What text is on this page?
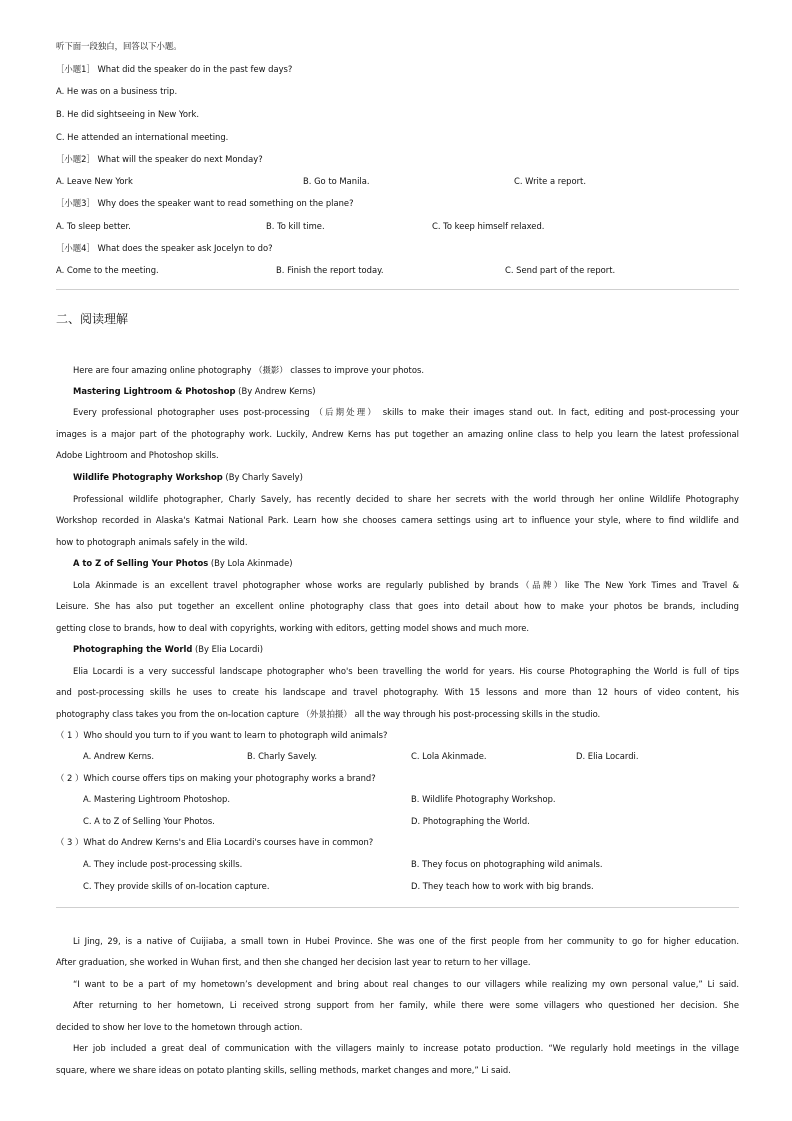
听下面一段独白，回答以下小题。
［小题1］ What did the speaker do in the past few days?
A. He was on a business trip.
B. He did sightseeing in New York.
C. He attended an international meeting.
［小题2］ What will the speaker do next Monday?
A. Leave New York	B. Go to Manila.	C. Write a report.
［小题3］ Why does the speaker want to read something on the plane?
A. To sleep better.	B. To kill time.	C. To keep himself relaxed.
［小题4］ What does the speaker ask Jocelyn to do?
A. Come to the meeting.	B. Finish the report today.	C. Send part of the report.
二、阅读理解
Here are four amazing online photography （摄影） classes to improve your photos.
Mastering Lightroom & Photoshop (By Andrew Kerns)
Every professional photographer uses post-processing （后期处理） skills to make their images stand out. In fact, editing and post-processing your
images is a major part of the photography work. Luckily, Andrew Kerns has put together an amazing online class to help you learn the latest professional
Adobe Lightroom and Photoshop skills.
Wildlife Photography Workshop (By Charly Savely)
Professional wildlife photographer, Charly Savely, has recently decided to share her secrets with the world through her online Wildlife Photography
Workshop recorded in Alaska's Katmai National Park. Learn how she chooses camera settings using art to influence your style, where to find wildlife and
how to photograph animals safely in the wild.
A to Z of Selling Your Photos (By Lola Akinmade)
Lola Akinmade is an excellent travel photographer whose works are regularly published by brands（品牌）like The New York Times and Travel &
Leisure. She has also put together an excellent online photography class that goes into detail about how to make your photos be brands, including
getting close to brands, how to deal with copyrights, working with editors, getting model shows and much more.
Photographing the World (By Elia Locardi)
Elia Locardi is a very successful landscape photographer who's been travelling the world for years. His course Photographing the World is full of tips
and post-processing skills he uses to create his landscape and travel photography. With 15 lessons and more than 12 hours of video content, his
photography class takes you from the on-location capture （外景拍摄） all the way through his post-processing skills in the studio.
（ 1 ）Who should you turn to if you want to learn to photograph wild animals?
A. Andrew Kerns.	B. Charly Savely.	C. Lola Akinmade.	D. Elia Locardi.
（ 2 ）Which course offers tips on making your photography works a brand?
A. Mastering Lightroom Photoshop.	B. Wildlife Photography Workshop.
C. A to Z of Selling Your Photos.	D. Photographing the World.
（ 3 ）What do Andrew Kerns's and Elia Locardi's courses have in common?
A. They include post-processing skills.	B. They focus on photographing wild animals.
C. They provide skills of on-location capture.	D. They teach how to work with big brands.
Li Jing, 29, is a native of Cuijiaba, a small town in Hubei Province. She was one of the first people from her community to go for higher education.
After graduation, she worked in Wuhan first, and then she changed her decision last year to return to her village.
“I want to be a part of my hometown’s development and bring about real changes to our villagers while realizing my own personal value,” Li said.
After returning to her hometown, Li received strong support from her family, while there were some villagers who questioned her decision. She
decided to show her love to the hometown through action.
Her job included a great deal of communication with the villagers mainly to increase potato production. “We regularly hold meetings in the village
square, where we share ideas on potato planting skills, selling methods, market changes and more,” Li said.
